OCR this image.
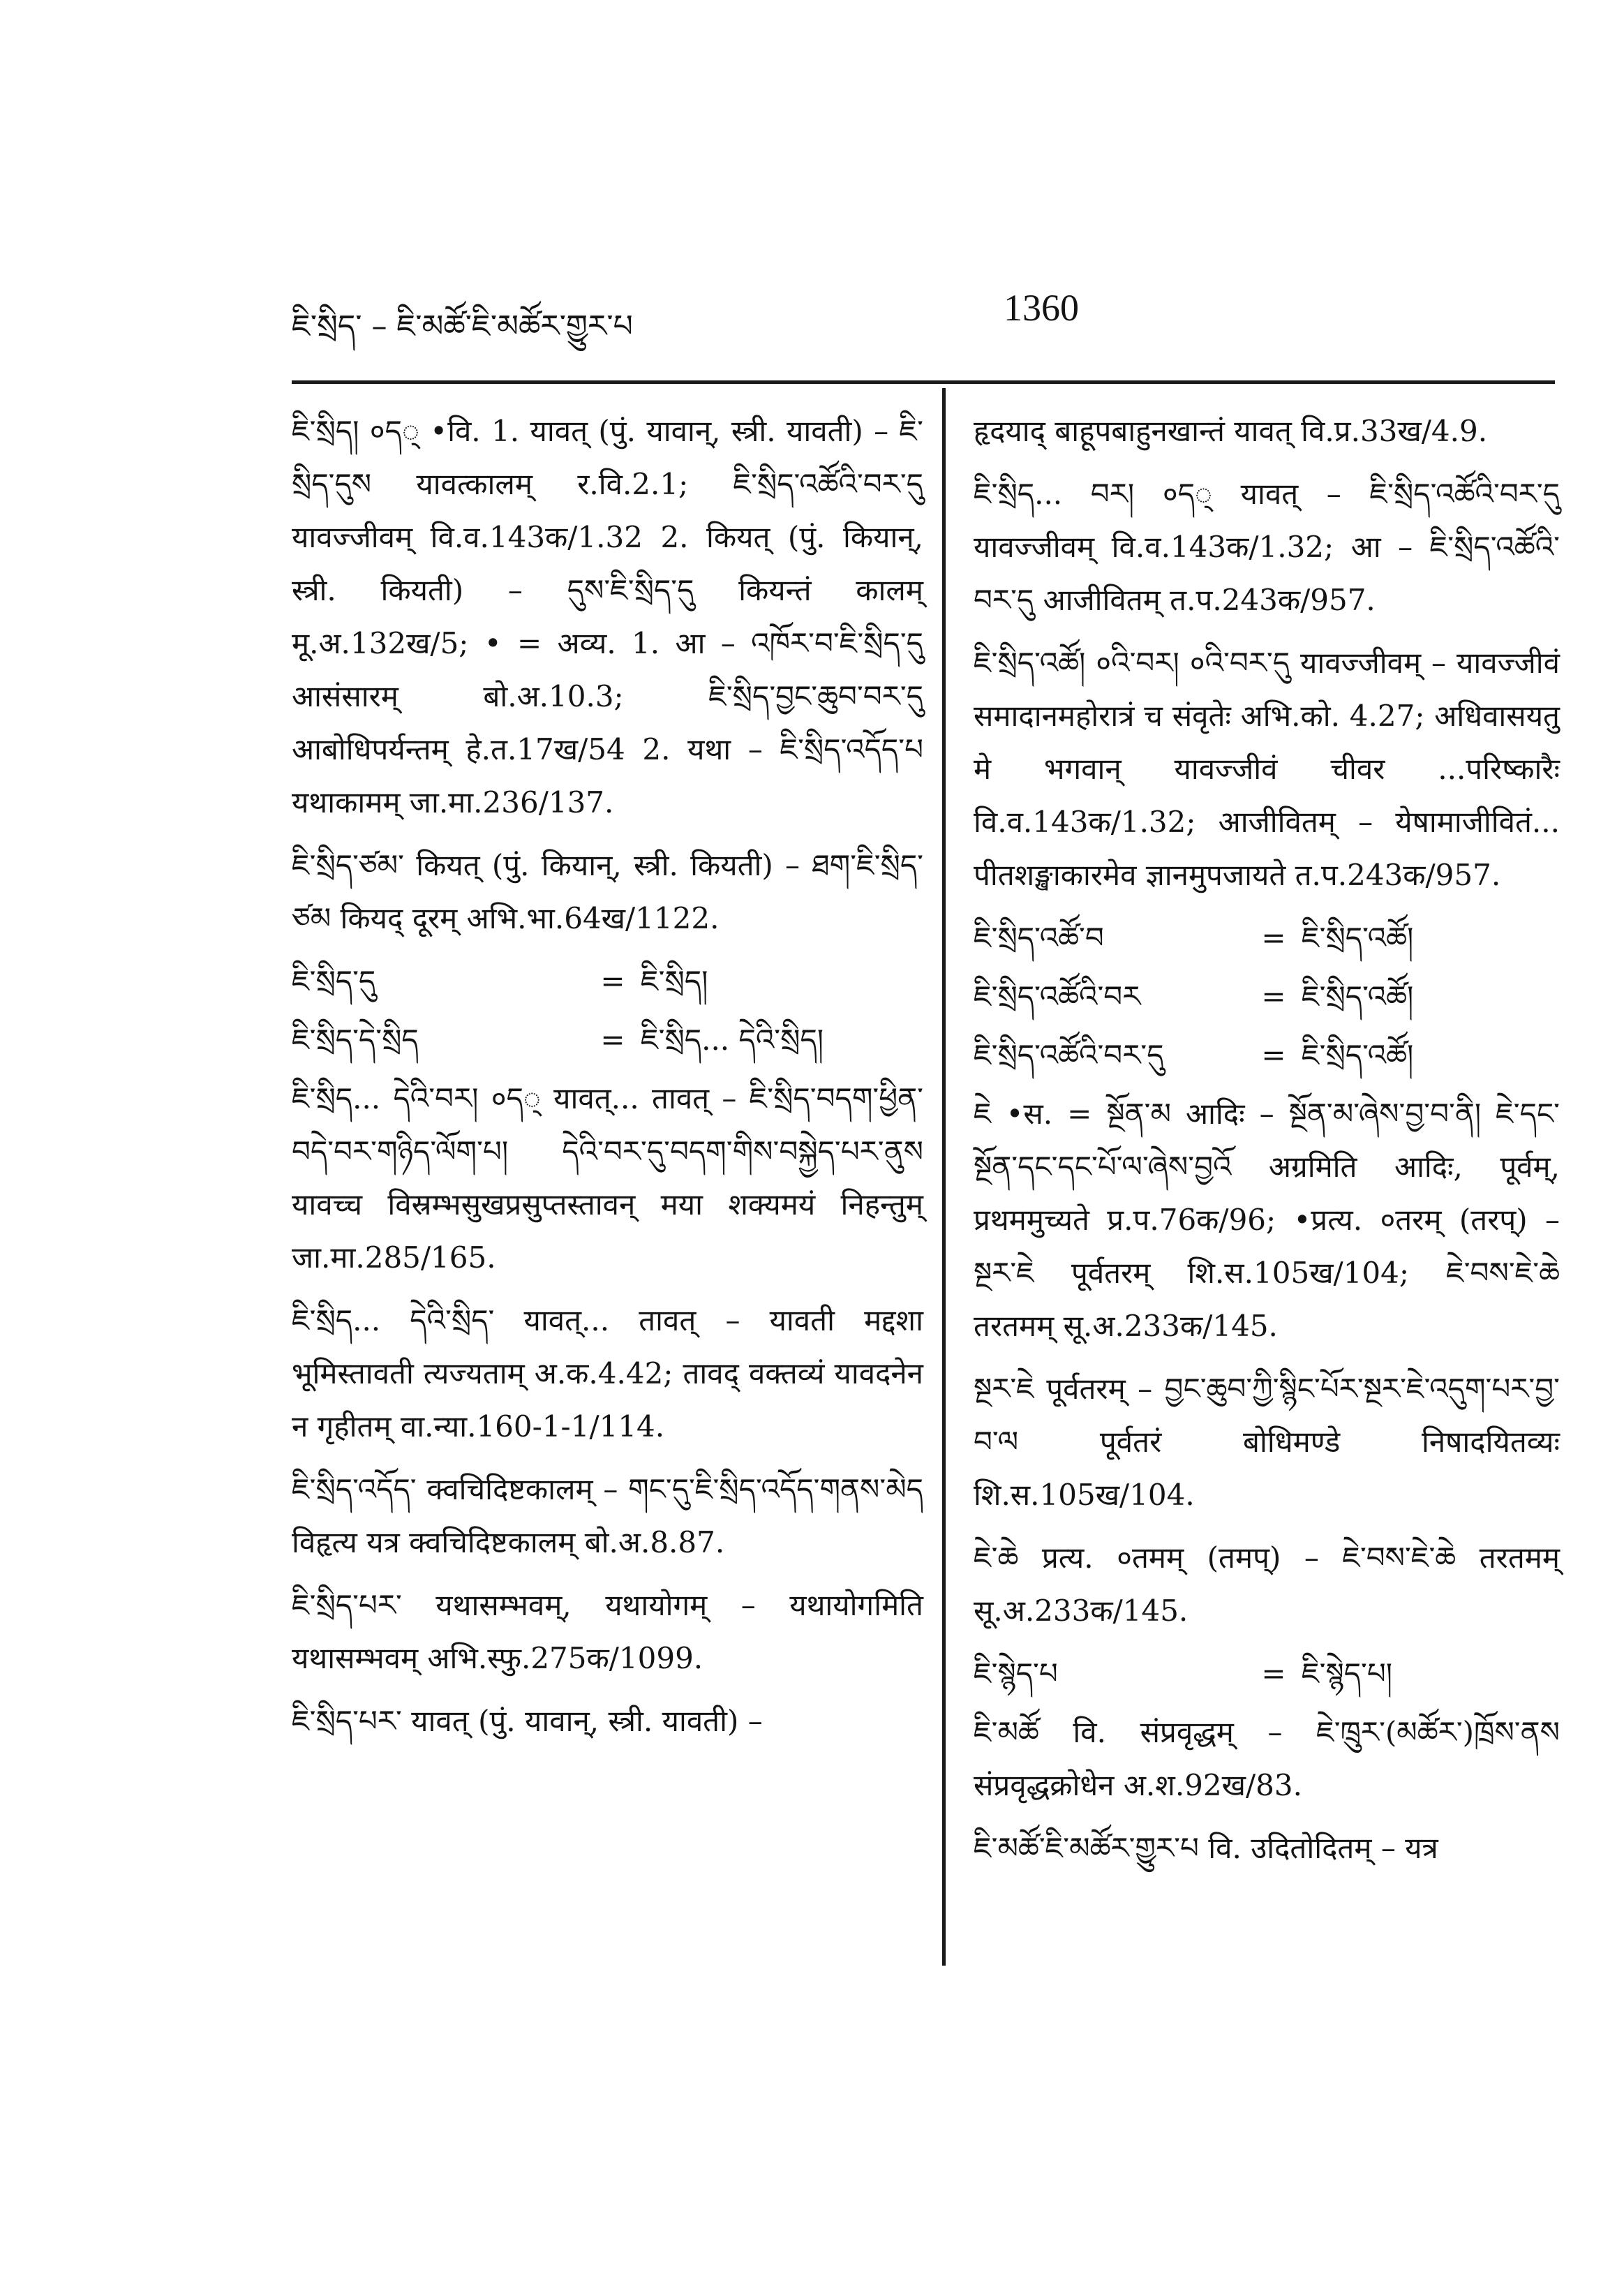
ཇི་སྲིད་ – ཇི་མཚོ་ཇི་མཚོར་གྱུར་པ	1360
ཇི་སྲིད། ०ད् •वि. 1. यावत् (पुं. यावान्, स्त्री. यावती) – ཇི་སྲིད་དུས यावत्कालम् र.वि.2.1; ཇི་སྲིད་འཚོའི་བར་དུ यावज्जीवम् वि.व.143क/1.32 2. कियत् (पुं. कियान्, स्त्री. कियती) – དུས་ཇི་སྲིད་དུ कियन्तं कालम् मू.अ.132ख/5; • = अव्य. 1. आ – འཁོར་བ་ཇི་སྲིད་དུ आसंसारम् बो.अ.10.3; ཇི་སྲིད་བྱང་ཆུབ་བར་དུ आबोधिपर्यन्तम् हे.त.17ख/54 2. यथा – ཇི་སྲིད་འདོད་པ यथाकामम् जा.मा.236/137.
ཇི་སྲིད་ཙམ་ कियत् (पुं. कियान्, स्त्री. कियती) – ཐག་ཇི་སྲིད་ཙམ कियद् दूरम् अभि.भा.64ख/1122.
ཇི་སྲིད་དུ	= ཇི་སྲིད།
ཇི་སྲིད་དེ་སྲིད	= ཇི་སྲིད... དེའི་སྲིད།
ཇི་སྲིད... དེའི་བར། ०ད् यावत्... तावत् – ཇི་སྲིད་བདག་ཕྱིན་བདེ་བར་གཉིད་ལོག་པ། དེའི་བར་དུ་བདག་གིས་བསྐྱེད་པར་ནུས यावच्च विस्रम्भसुखप्रसुप्तस्तावन् मया शक्यमयं निहन्तुम् जा.मा.285/165.
ཇི་སྲིད... དེའི་སྲིད་ यावत्... तावत् – यावती मद्दशा भूमिस्तावती त्यज्यताम् अ.क.4.42; तावद् वक्तव्यं यावदनेन न गृहीतम् वा.न्या.160-1-1/114.
ཇི་སྲིད་འདོད་ क्वचिदिष्टकालम् – གང་དུ་ཇི་སྲིད་འདོད་གནས་མེད विहृत्य यत्र क्वचिदिष्टकालम् बो.अ.8.87.
ཇི་སྲིད་པར་ यथासम्भवम्, यथायोगम् – यथायोगमिति यथासम्भवम् अभि.स्फु.275क/1099.
ཇི་སྲིད་པར་ यावत् (पुं. यावान्, स्त्री. यावती) –
हृदयाद् बाहूपबाहुनखान्तं यावत् वि.प्र.33ख/4.9.
ཇི་སྲིད... བར། ०ད् यावत् – ཇི་སྲིད་འཚོའི་བར་དུ यावज्जीवम् वि.व.143क/1.32; आ – ཇི་སྲིད་འཚོའི་བར་དུ आजीवितम् त.प.243क/957.
ཇི་སྲིད་འཚོ། ०འི་བར། ०འི་བར་དུ यावज्जीवम् – यावज्जीवं समादानमहोरात्रं च संवृतेः अभि.को. 4.27; अधिवासयतु मे भगवान् यावज्जीवं चीवर ...परिष्कारैः वि.व.143क/1.32; आजीवितम् – येषामाजीवितं... पीतशङ्खाकारमेव ज्ञानमुपजायते त.प.243क/957.
ཇི་སྲིད་འཚོ་བ	= ཇི་སྲིད་འཚོ།
ཇི་སྲིད་འཚོའི་བར	= ཇི་སྲིད་འཚོ།
ཇི་སྲིད་འཚོའི་བར་དུ	= ཇི་སྲིད་འཚོ།
ཇེ •स. = སྔོན་མ आदिः – སྔོན་མ་ཞེས་བྱ་བ་ནི། ཇེ་དང་སྔོན་དང་དང་པོ་ལ་ཞེས་བྱའོ अग्रमिति आदिः, पूर्वम्, प्रथममुच्यते प्र.प.76क/96; •प्रत्य. ०तरम् (तरप्) – སྔར་ཇེ पूर्वतरम् शि.स.105ख/104; ཇེ་བས་ཇེ་ཆེ तरतमम् सू.अ.233क/145.
སྔར་ཇེ पूर्वतरम् – བྱང་ཆུབ་ཀྱི་སྙིང་པོར་སྔར་ཇེ་འདུག་པར་བྱ་བ་ལ पूर्वतरं बोधिमण्डे निषादयितव्यः शि.स.105ख/104.
ཇེ་ཆེ प्रत्य. ०तमम् (तमप्) – ཇེ་བས་ཇེ་ཆེ तरतमम् सू.अ.233क/145.
ཇི་སྙེད་པ	= ཇི་སྙེད་པ།
ཇི་མཚོ वि. संप्रवृद्धम् – ཇེ་ཁྲུར་(མཚོར་)ཁྲོས་ནས संप्रवृद्धक्रोधेन अ.श.92ख/83.
ཇི་མཚོ་ཇི་མཚོར་གྱུར་པ वि. उदितोदितम् – यत्र
